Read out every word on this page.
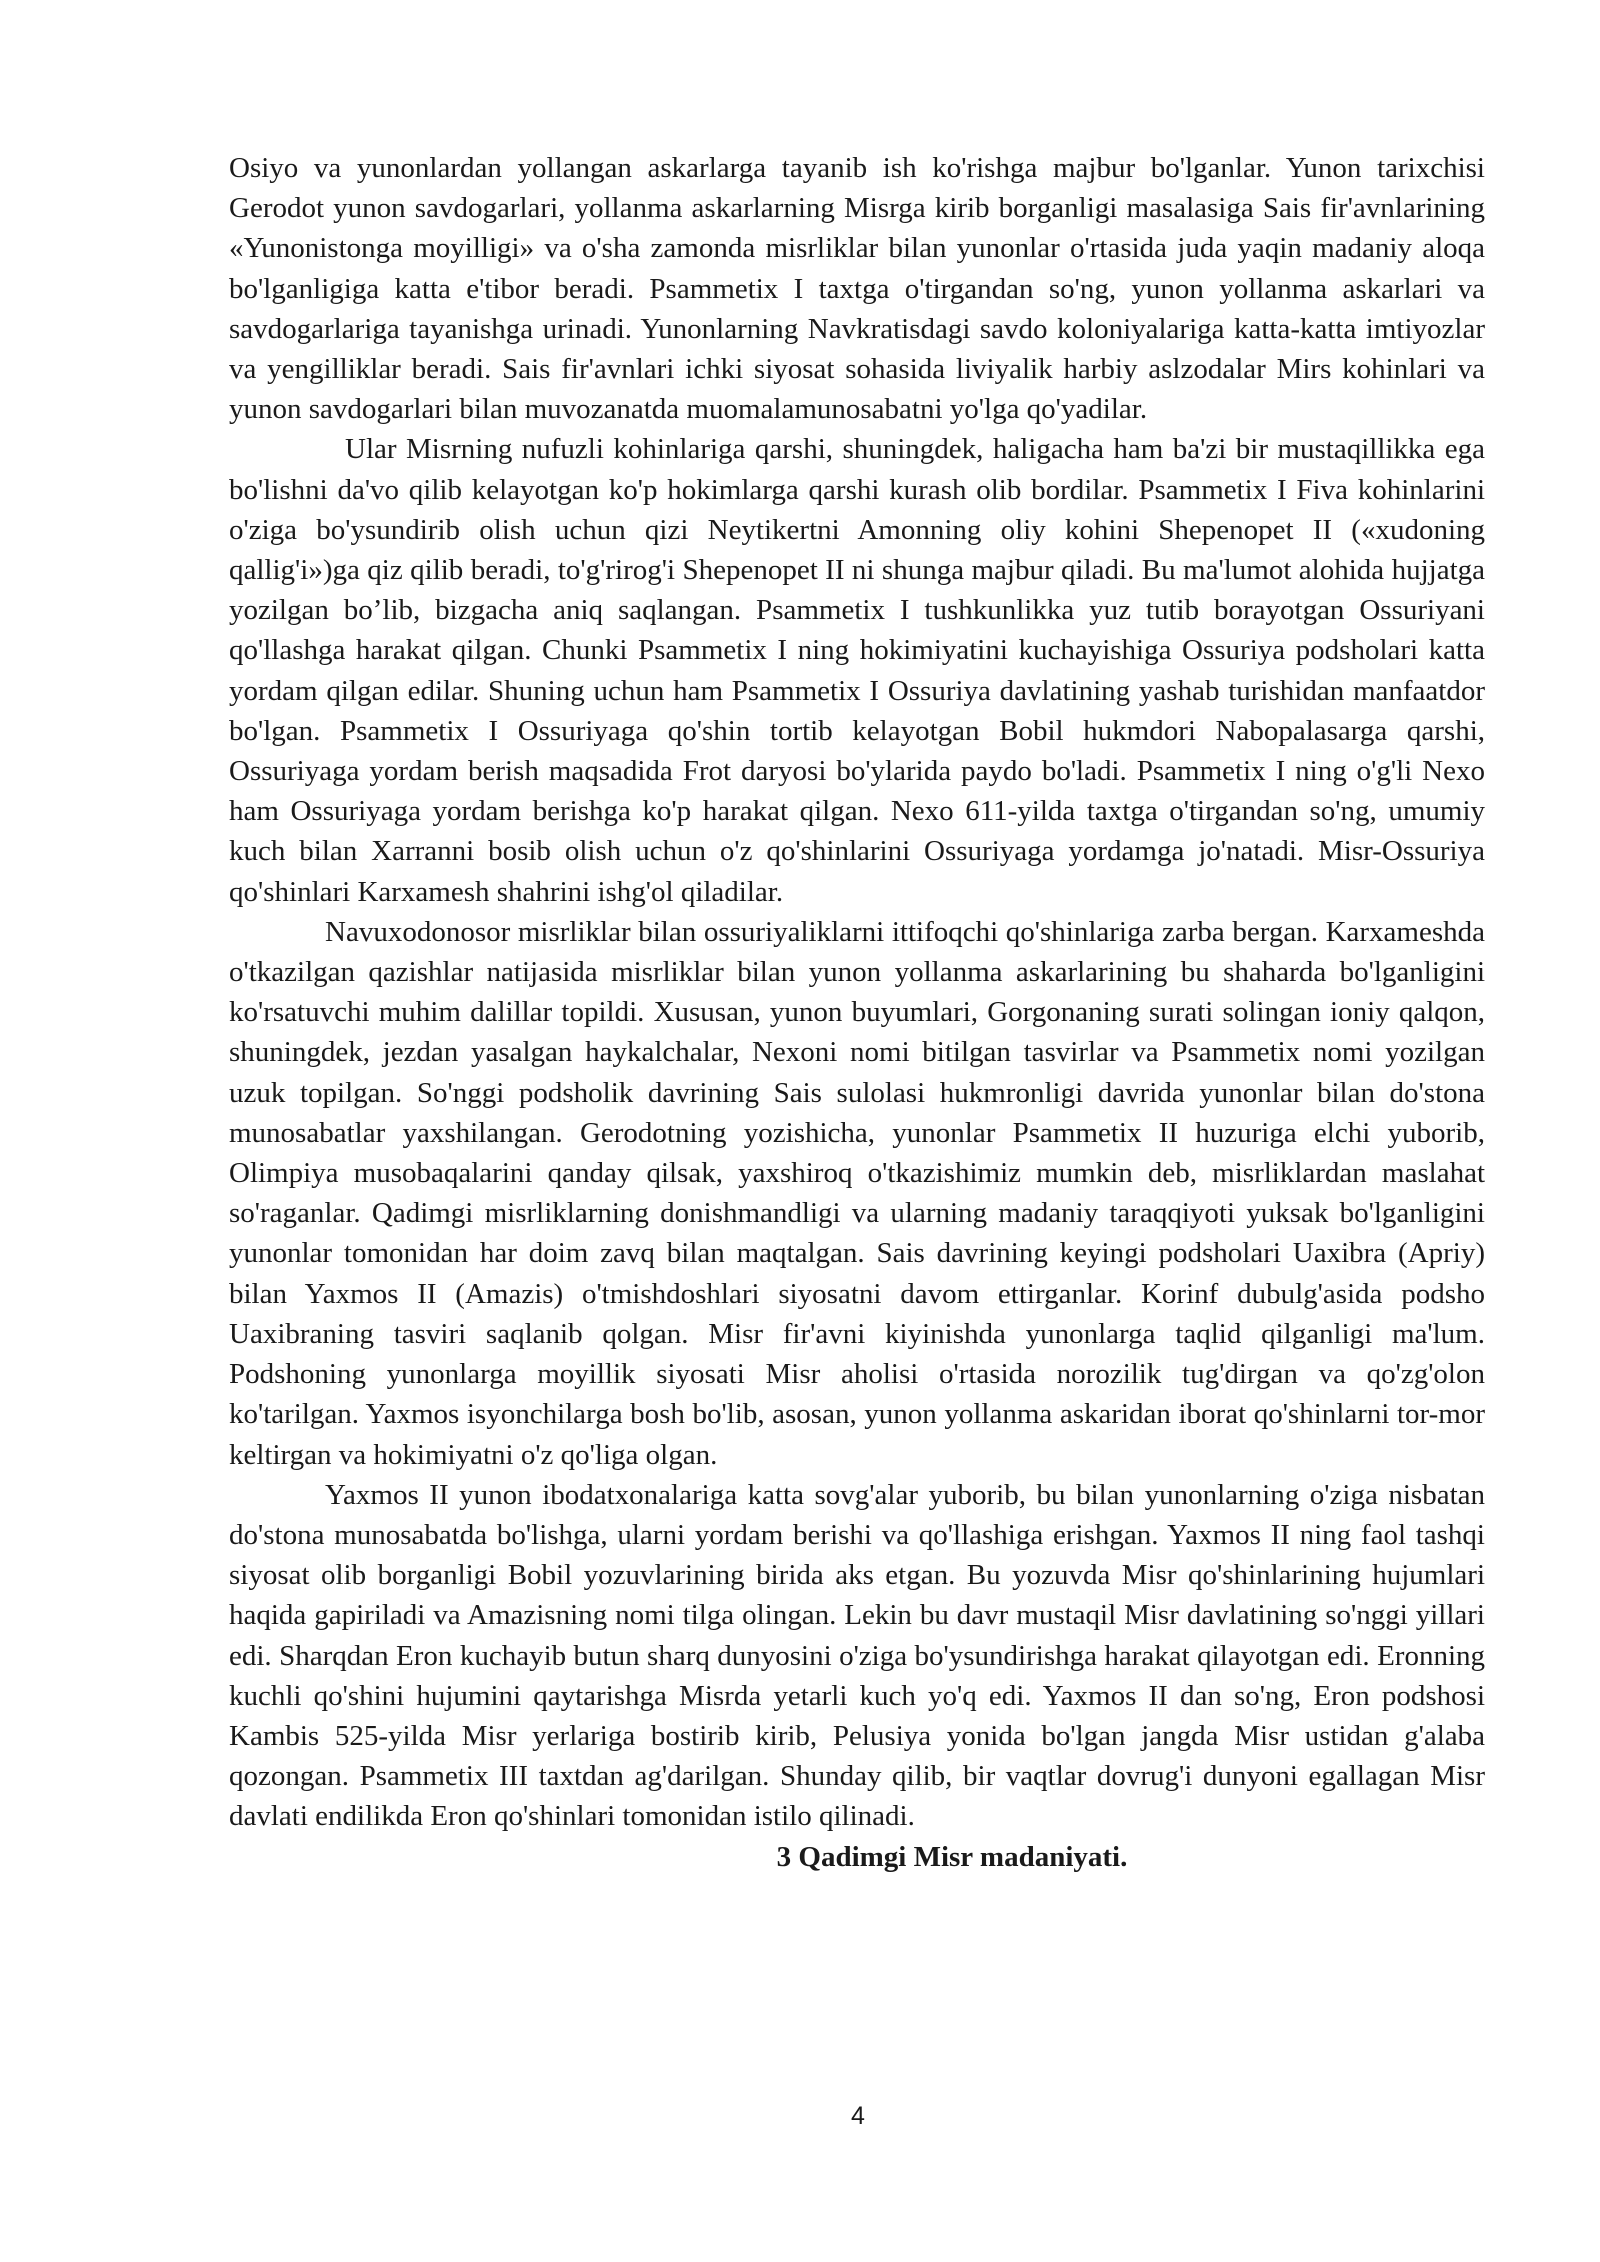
Osiyo va yunonlardan yollangan askarlarga tayanib ish ko'rishga majbur bo'lganlar. Yunon tarixchisi Gerodot yunon savdogarlari, yollanma askarlarning Misrga kirib borganligi masalasiga Sais fir'avnlarining «Yunonistonga moyilligi» va o'sha zamonda misrliklar bilan yunonlar o'rtasida juda yaqin madaniy aloqa bo'lganligiga katta e'tibor beradi. Psammetix I taxtga o'tirgandan so'ng, yunon yollanma askarlari va savdogarlariga tayanishga urinadi. Yunonlarning Navkratisdagi savdo koloniyalariga katta-katta imtiyozlar va yengilliklar beradi. Sais fir'avnlari ichki siyosat sohasida liviyalik harbiy aslzodalar Mirs kohinlari va yunon savdogarlari bilan muvozanatda muomalamunosabatni yo'lga qo'yadilar.

Ular Misrning nufuzli kohinlariga qarshi, shuningdek, haligacha ham ba'zi bir mustaqillikka ega bo'lishni da'vo qilib kelayotgan ko'p hokimlarga qarshi kurash olib bordilar. Psammetix I Fiva kohinlarini o'ziga bo'ysundirib olish uchun qizi Neytikertni Amonning oliy kohini Shepenopet II («xudoning qallig'i»)ga qiz qilib beradi, to'g'rirog'i Shepenopet II ni shunga majbur qiladi. Bu ma'lumot alohida hujjatga yozilgan bo’lib, bizgacha aniq saqlangan. Psammetix I tushkunlikka yuz tutib borayotgan Ossuriyani qo'llashga harakat qilgan. Chunki Psammetix I ning hokimiyatini kuchayishiga Ossuriya podsholari katta yordam qilgan edilar. Shuning uchun ham Psammetix I Ossuriya davlatining yashab turishidan manfaatdor bo'lgan. Psammetix I Ossuriyaga qo'shin tortib kelayotgan Bobil hukmdori Nabopalasarga qarshi, Ossuriyaga yordam berish maqsadida Frot daryosi bo'ylarida paydo bo'ladi. Psammetix I ning o'g'li Nexo ham Ossuriyaga yordam berishga ko'p harakat qilgan. Nexo 611-yilda taxtga o'tirgandan so'ng, umumiy kuch bilan Xarranni bosib olish uchun o'z qo'shinlarini Ossuriyaga yordamga jo'natadi. Misr-Ossuriya qo'shinlari Karxamesh shahrini ishg'ol qiladilar.

Navuxodonosor misrliklar bilan ossuriyaliklarni ittifoqchi qo'shinlariga zarba bergan. Karxameshda o'tkazilgan qazishlar natijasida misrliklar bilan yunon yollanma askarlarining bu shaharda bo'lganligini ko'rsatuvchi muhim dalillar topildi. Xususan, yunon buyumlari, Gorgonaning surati solingan ioniy qalqon, shuningdek, jezdan yasalgan haykalchalar, Nexoni nomi bitilgan tasvirlar va Psammetix nomi yozilgan uzuk topilgan. So'nggi podsholik davrining Sais sulolasi hukmronligi davrida yunonlar bilan do'stona munosabatlar yaxshilangan. Gerodotning yozishicha, yunonlar Psammetix II huzuriga elchi yuborib, Olimpiya musobaqalarini qanday qilsak, yaxshiroq o'tkazishimiz mumkin deb, misrliklardan maslahat so'raganlar. Qadimgi misrliklarning donishmandligi va ularning madaniy taraqqiyoti yuksak bo'lganligini yunonlar tomonidan har doim zavq bilan maqtalgan. Sais davrining keyingi podsholari Uaxibra (Apriy) bilan Yaxmos II (Amazis) o'tmishdoshlari siyosatni davom ettirganlar. Korinf dubulg'asida podsho Uaxibraning tasviri saqlanib qolgan. Misr fir'avni kiyinishda yunonlarga taqlid qilganligi ma'lum. Podshoning yunonlarga moyillik siyosati Misr aholisi o'rtasida norozilik tug'dirgan va qo'zg'olon ko'tarilgan. Yaxmos isyonchilarga bosh bo'lib, asosan, yunon yollanma askaridan iborat qo'shinlarni tor-mor keltirgan va hokimiyatni o'z qo'liga olgan.

Yaxmos II yunon ibodatxonalariga katta sovg'alar yuborib, bu bilan yunonlarning o'ziga nisbatan do'stona munosabatda bo'lishga, ularni yordam berishi va qo'llashiga erishgan. Yaxmos II ning faol tashqi siyosat olib borganligi Bobil yozuvlarining birida aks etgan. Bu yozuvda Misr qo'shinlarining hujumlari haqida gapiriladi va Amazisning nomi tilga olingan. Lekin bu davr mustaqil Misr davlatining so'nggi yillari edi. Sharqdan Eron kuchayib butun sharq dunyosini o'ziga bo'ysundirishga harakat qilayotgan edi. Eronning kuchli qo'shini hujumini qaytarishga Misrda yetarli kuch yo'q edi. Yaxmos II dan so'ng, Eron podshosi Kambis 525-yilda Misr yerlariga bostirib kirib, Pelusiya yonida bo'lgan jangda Misr ustidan g'alaba qozongan. Psammetix III taxtdan ag'darilgan. Shunday qilib, bir vaqtlar dovrug'i dunyoni egallagan Misr davlati endilikda Eron qo'shinlari tomonidan istilo qilinadi.

3 Qadimgi Misr madaniyati.

4
